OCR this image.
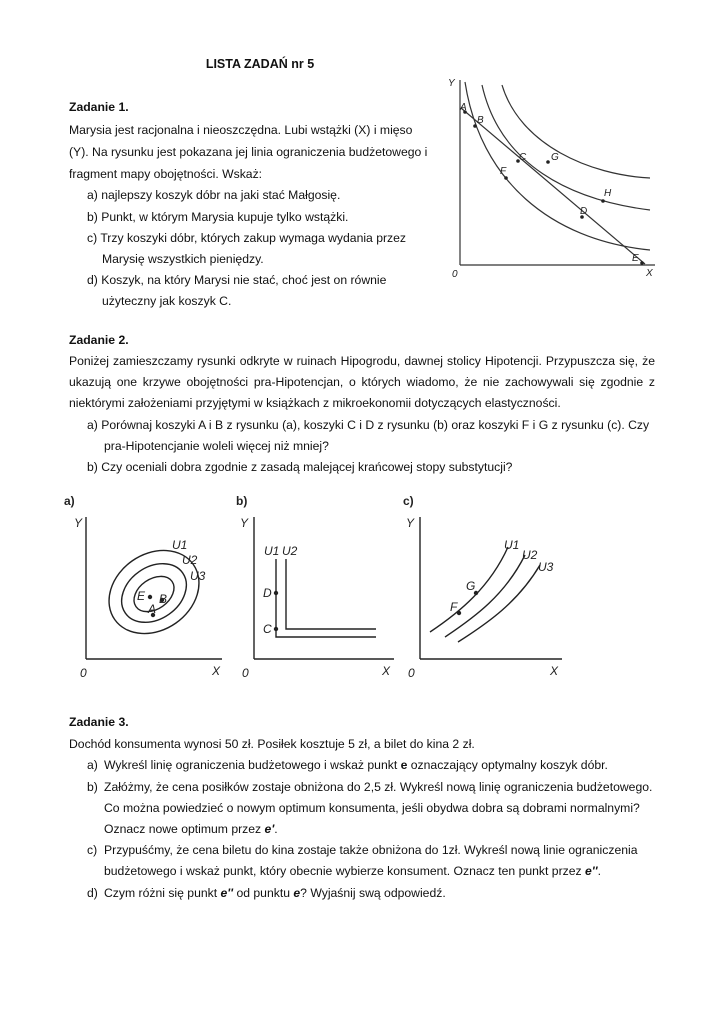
LISTA ZADAŃ nr 5
Zadanie 1.
Marysia jest racjonalna i nieoszczędna. Lubi wstążki (X) i mięso
(Y). Na rysunku jest pokazana jej linia ograniczenia budżetowego i
fragment mapy obojętności. Wskaż:
a) najlepszy koszyk dóbr na jaki stać Małgosię.
b) Punkt, w którym Marysia kupuje tylko wstążki.
c) Trzy koszyki dóbr, których zakup wymaga wydania przez
Marysię wszystkich pieniędzy.
d) Koszyk, na który Marysi nie stać, choć jest on równie
użyteczny jak koszyk C.
Y
X
0
A
B
C
D
E
F
G
H
Zadanie 2.
Poniżej zamieszczamy rysunki odkryte w ruinach Hipogrodu, dawnej stolicy Hipotencji. Przypuszcza się, że ukazują one krzywe obojętności pra-Hipotencjan, o których wiadomo, że nie zachowywali się zgodnie z niektórymi założeniami przyjętymi w książkach z mikroekonomii dotyczących elastyczności.
a) Porównaj koszyki A i B z rysunku (a), koszyki C i D z rysunku (b) oraz koszyki F i G z rysunku (c). Czy
pra-Hipotencjanie woleli więcej niż mniej?
b) Czy oceniali dobra zgodnie z zasadą malejącej krańcowej stopy substytucji?
a)
Y
X
0
U1
U2
U3
E B
A
b)
Y
X
0
U1 U2
D
C
c)
Y
X
0
U1
U2
U3
G
F
Zadanie 3.
Dochód konsumenta wynosi 50 zł. Posiłek kosztuje 5 zł, a bilet do kina 2 zł.
a) Wykreśl linię ograniczenia budżetowego i wskaż punkt e oznaczający optymalny koszyk dóbr.
b) Załóżmy, że cena posiłków zostaje obniżona do 2,5 zł. Wykreśl nową linię ograniczenia budżetowego.
Co można powiedzieć o nowym optimum konsumenta, jeśli obydwa dobra są dobrami normalnymi?
Oznacz nowe optimum przez e'.
c) Przypuśćmy, że cena biletu do kina zostaje także obniżona do 1zł. Wykreśl nową linie ograniczenia
budżetowego i wskaż punkt, który obecnie wybierze konsument. Oznacz ten punkt przez e''.
d) Czym różni się punkt e'' od punktu e? Wyjaśnij swą odpowiedź.
